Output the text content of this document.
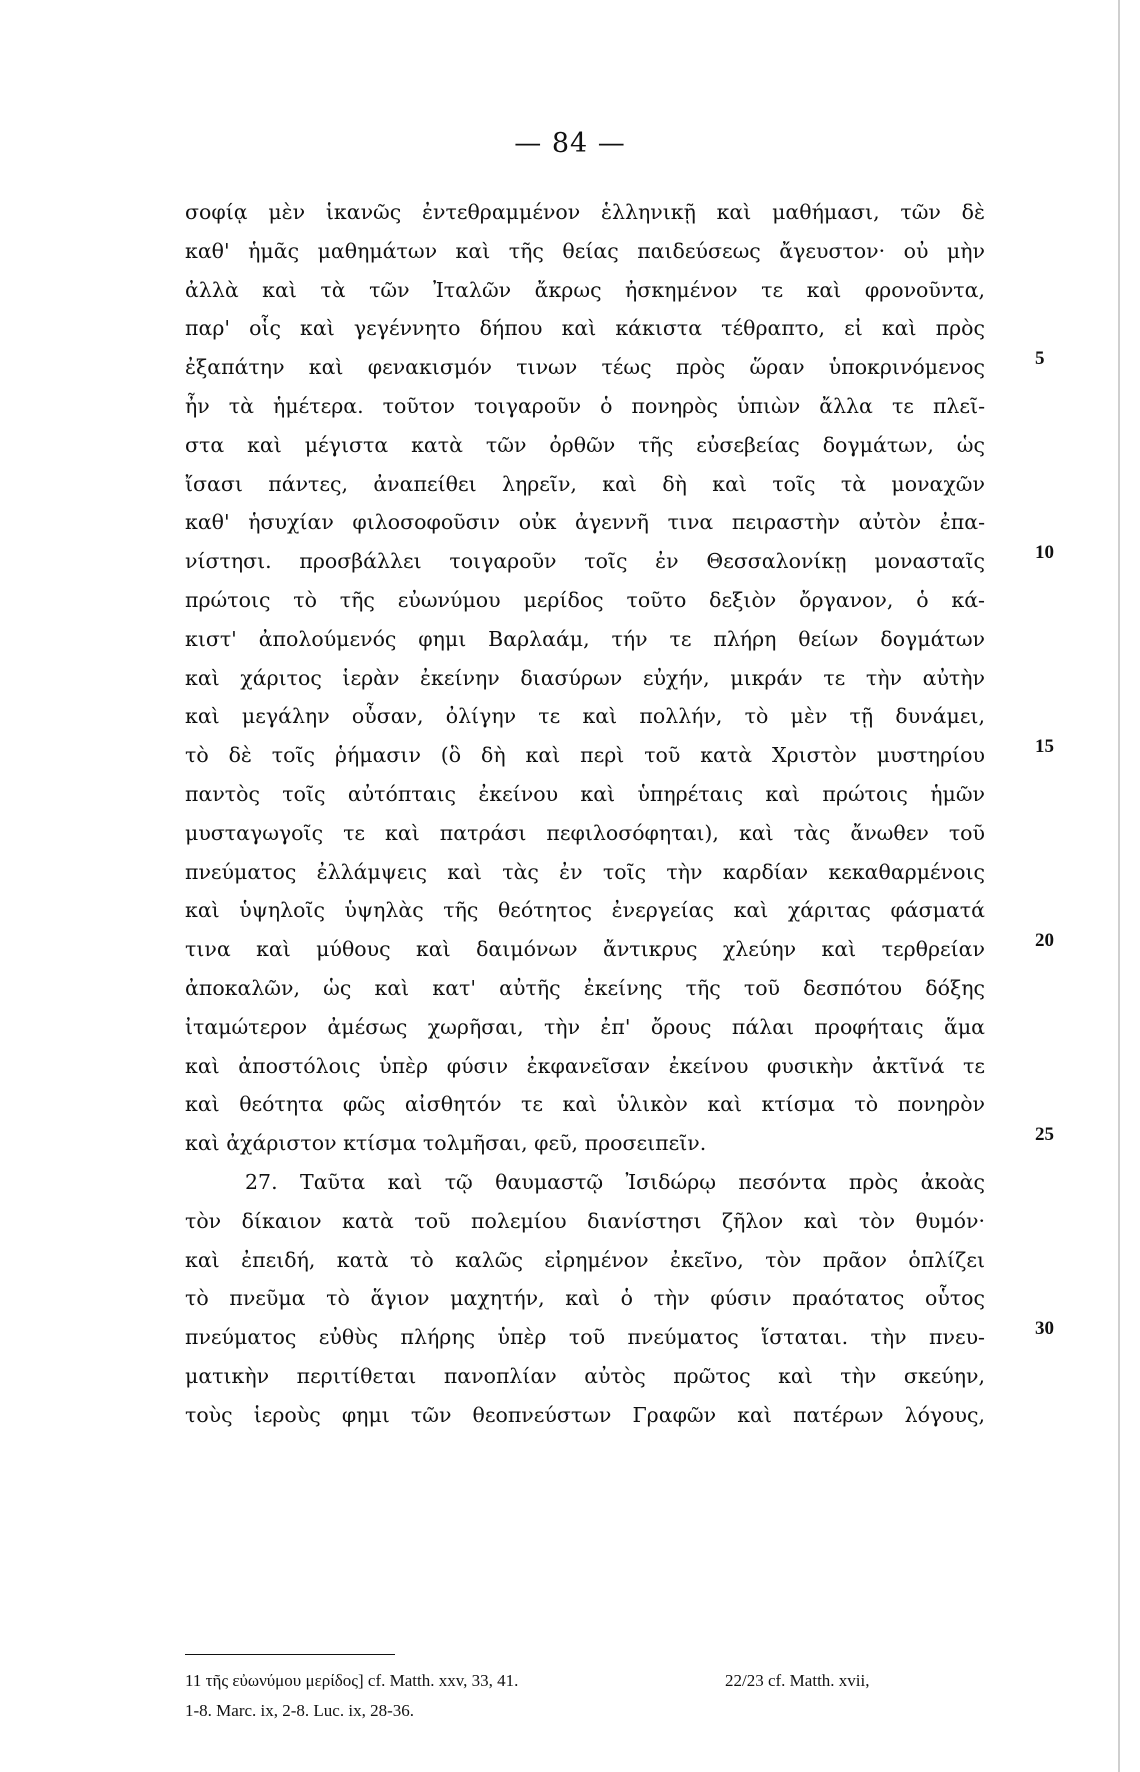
— 84 —
σοφίᾳ μὲν ἱκανῶς ἐντεθραμμένον ἑλληνικῇ καὶ μαθήμασι, τῶν δὲ
καθ' ἡμᾶς μαθημάτων καὶ τῆς θείας παιδεύσεως ἄγευστον· οὐ μὴν
ἀλλὰ καὶ τὰ τῶν Ἰταλῶν ἄκρως ἠσκημένον τε καὶ φρονοῦντα,
παρ' οἷς καὶ γεγέννητο δήπου καὶ κάκιστα τέθραπτο, εἰ καὶ πρὸς
ἐξαπάτην καὶ φενακισμόν τινων τέως πρὸς ὥραν ὑποκρινόμενος
ἦν τὰ ἡμέτερα. τοῦτον τοιγαροῦν ὁ πονηρὸς ὑπιὼν ἄλλα τε πλεῖ-
στα καὶ μέγιστα κατὰ τῶν ὀρθῶν τῆς εὐσεβείας δογμάτων, ὡς
ἴσασι πάντες, ἀναπείθει ληρεῖν, καὶ δὴ καὶ τοῖς τὰ μοναχῶν
καθ' ἡσυχίαν φιλοσοφοῦσιν οὐκ ἀγεννῆ τινα πειραστὴν αὐτὸν ἐπα-
νίστησι. προσβάλλει τοιγαροῦν τοῖς ἐν Θεσσαλονίκῃ μονασταῖς
πρώτοις τὸ τῆς εὐωνύμου μερίδος τοῦτο δεξιὸν ὄργανον, ὁ κά-
κιστ' ἀπολούμενός φημι Βαρλαάμ, τήν τε πλήρη θείων δογμάτων
καὶ χάριτος ἱερὰν ἐκείνην διασύρων εὐχήν, μικράν τε τὴν αὐτὴν
καὶ μεγάλην οὖσαν, ὀλίγην τε καὶ πολλήν, τὸ μὲν τῇ δυνάμει,
τὸ δὲ τοῖς ῥήμασιν (ὃ δὴ καὶ περὶ τοῦ κατὰ Χριστὸν μυστηρίου
παντὸς τοῖς αὐτόπταις ἐκείνου καὶ ὑπηρέταις καὶ πρώτοις ἡμῶν
μυσταγωγοῖς τε καὶ πατράσι πεφιλοσόφηται), καὶ τὰς ἄνωθεν τοῦ
πνεύματος ἐλλάμψεις καὶ τὰς ἐν τοῖς τὴν καρδίαν κεκαθαρμένοις
καὶ ὑψηλοῖς ὑψηλὰς τῆς θεότητος ἐνεργείας καὶ χάριτας φάσματά
τινα καὶ μύθους καὶ δαιμόνων ἄντικρυς χλεύην καὶ τερθρείαν
ἀποκαλῶν, ὡς καὶ κατ' αὐτῆς ἐκείνης τῆς τοῦ δεσπότου δόξης
ἰταμώτερον ἀμέσως χωρῆσαι, τὴν ἐπ' ὄρους πάλαι προφήταις ἅμα
καὶ ἀποστόλοις ὑπὲρ φύσιν ἐκφανεῖσαν ἐκείνου φυσικὴν ἀκτῖνά τε
καὶ θεότητα φῶς αἰσθητόν τε καὶ ὑλικὸν καὶ κτίσμα τὸ πονηρὸν
καὶ ἀχάριστον κτίσμα τολμῆσαι, φεῦ, προσειπεῖν.
27. Ταῦτα καὶ τῷ θαυμαστῷ Ἰσιδώρῳ πεσόντα πρὸς ἀκοὰς
τὸν δίκαιον κατὰ τοῦ πολεμίου διανίστησι ζῆλον καὶ τὸν θυμόν·
καὶ ἐπειδή, κατὰ τὸ καλῶς εἰρημένον ἐκεῖνο, τὸν πρᾶον ὁπλίζει
τὸ πνεῦμα τὸ ἅγιον μαχητήν, καὶ ὁ τὴν φύσιν πραότατος οὗτος
πνεύματος εὐθὺς πλήρης ὑπὲρ τοῦ πνεύματος ἵσταται. τὴν πνευ-
ματικὴν περιτίθεται πανοπλίαν αὐτὸς πρῶτος καὶ τὴν σκεύην,
τοὺς ἱεροὺς φημι τῶν θεοπνεύστων Γραφῶν καὶ πατέρων λόγους,
5
10
15
20
25
30
11 τῆς εὐωνύμου μερίδος] cf. Matth. xxv, 33, 41.	22/23 cf. Matth. xvii,
1-8. Marc. ix, 2-8. Luc. ix, 28-36.
